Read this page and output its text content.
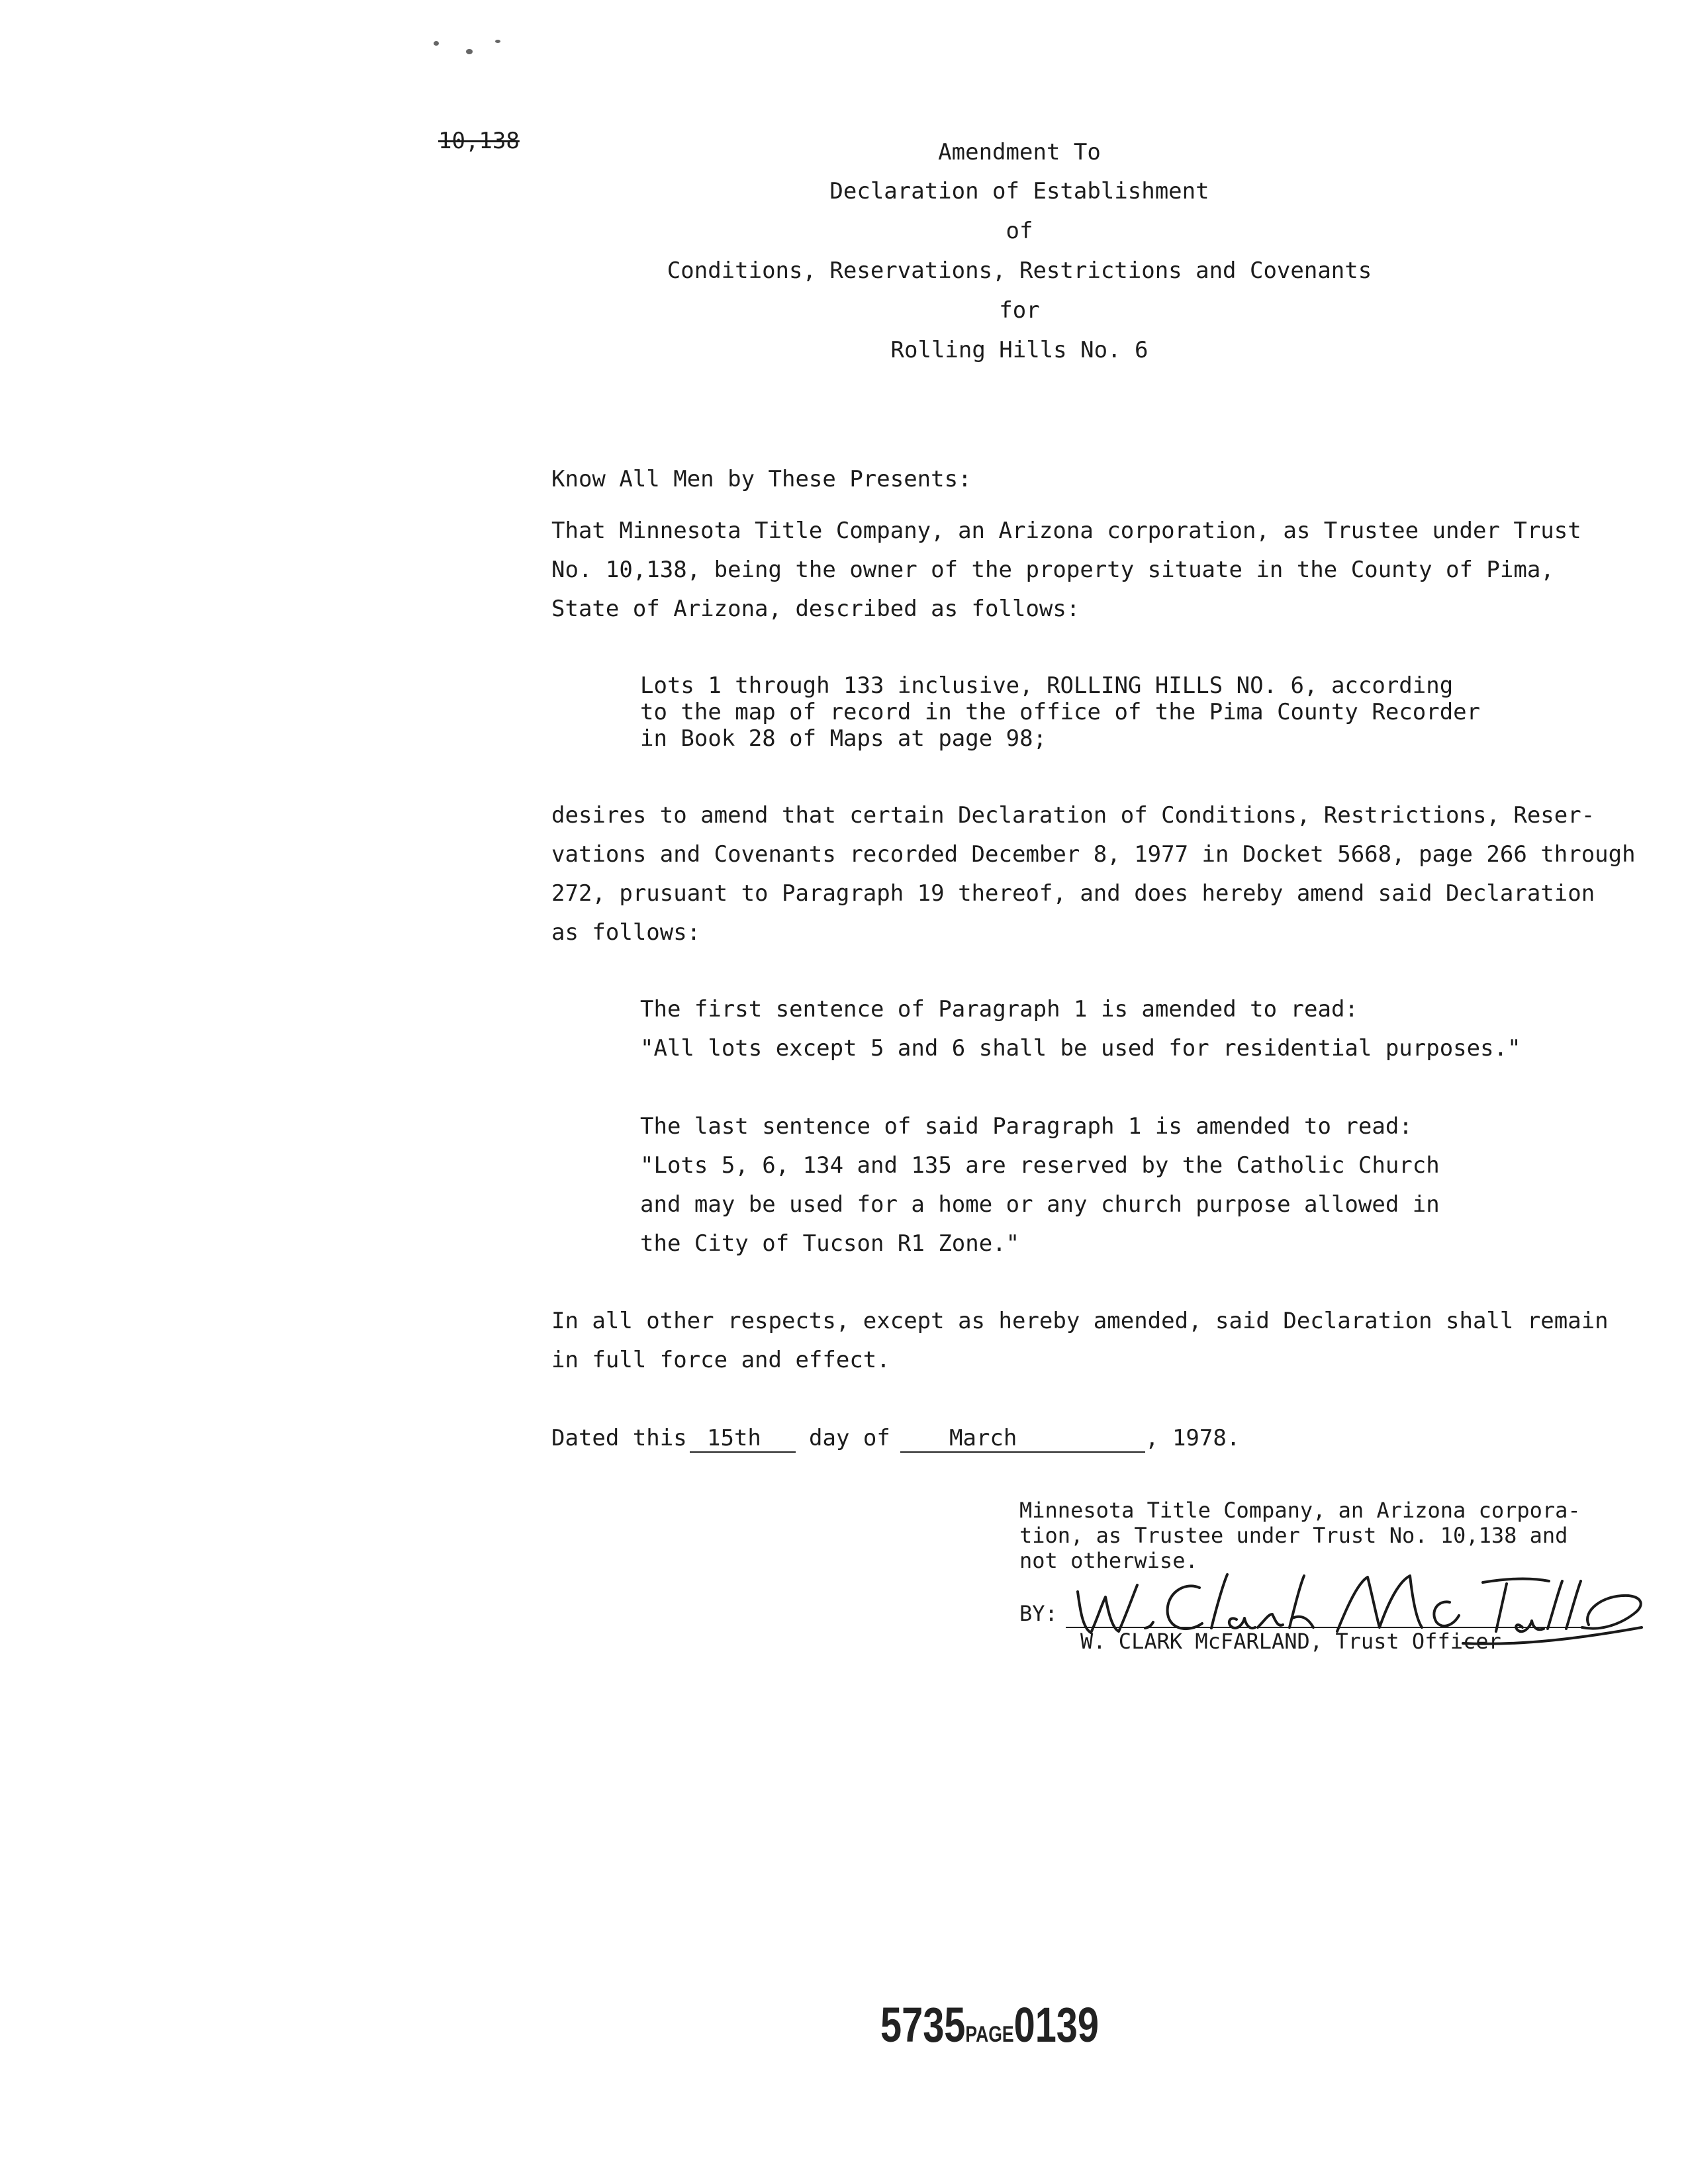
10,138	Amendment To
Declaration of Establishment
of
Conditions, Reservations, Restrictions and Covenants
for
Rolling Hills No. 6
Know All Men by These Presents:
That Minnesota Title Company, an Arizona corporation, as Trustee under Trust
No. 10,138, being the owner of the property situate in the County of Pima,
State of Arizona, described as follows:
Lots 1 through 133 inclusive, ROLLING HILLS NO. 6, according
to the map of record in the office of the Pima County Recorder
in Book 28 of Maps at page 98;
desires to amend that certain Declaration of Conditions, Restrictions, Reser-
vations and Covenants recorded December 8, 1977 in Docket 5668, page 266 through
272, prusuant to Paragraph 19 thereof, and does hereby amend said Declaration
as follows:
The first sentence of Paragraph 1 is amended to read:
"All lots except 5 and 6 shall be used for residential purposes."
The last sentence of said Paragraph 1 is amended to read:
"Lots 5, 6, 134 and 135 are reserved by the Catholic Church
and may be used for a home or any church purpose allowed in
the City of Tucson R1 Zone."
In all other respects, except as hereby amended, said Declaration shall remain
in full force and effect.
Dated this 15th	day of	March	, 1978.
Minnesota Title Company, an Arizona corpora-
tion, as Trustee under Trust No. 10,138 and
not otherwise.
BY:
W. CLARK McFARLAND, Trust Officer
5735PAGE0139
